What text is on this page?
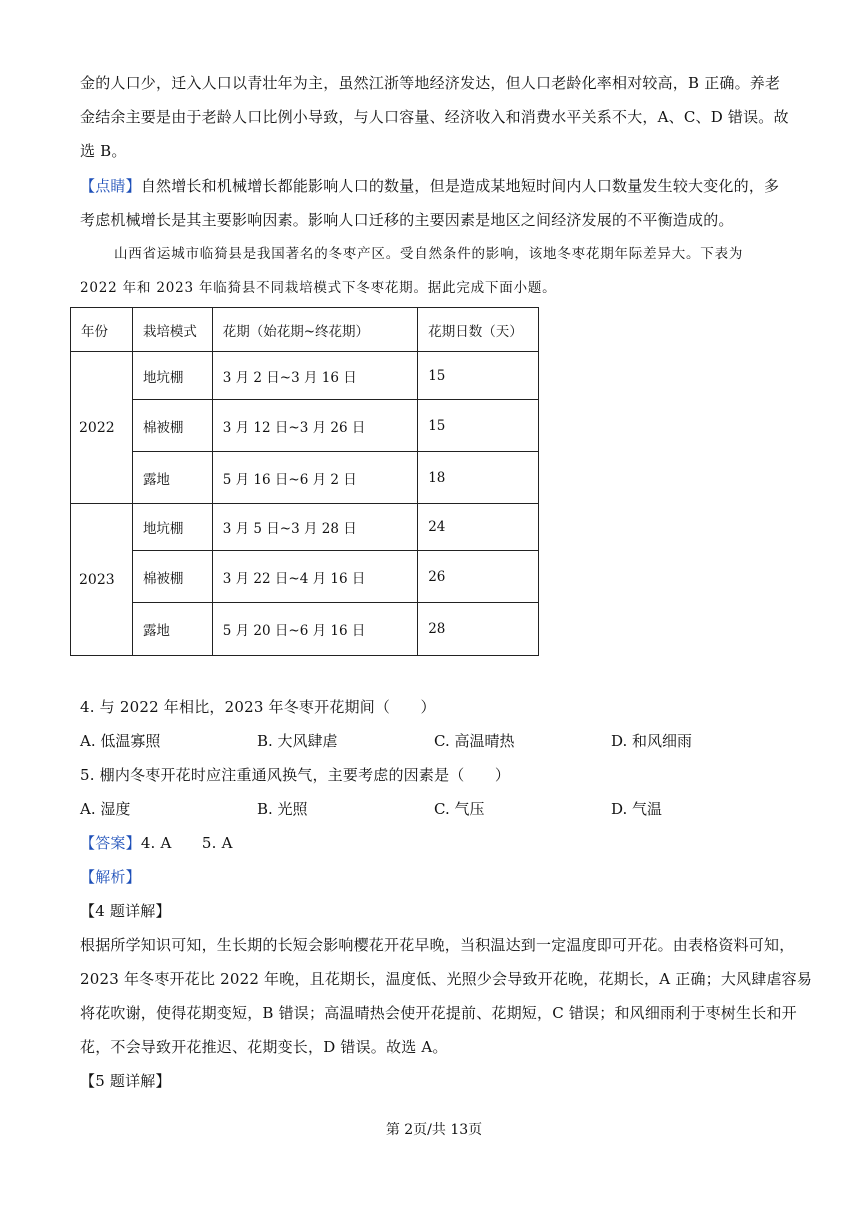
金的人口少，迁入人口以青壮年为主，虽然江浙等地经济发达，但人口老龄化率相对较高，B 正确。养老
金结余主要是由于老龄人口比例小导致，与人口容量、经济收入和消费水平关系不大，A、C、D 错误。故
选 B。
【点睛】自然增长和机械增长都能影响人口的数量，但是造成某地短时间内人口数量发生较大变化的，多
考虑机械增长是其主要影响因素。影响人口迁移的主要因素是地区之间经济发展的不平衡造成的。
山西省运城市临猗县是我国著名的冬枣产区。受自然条件的影响，该地冬枣花期年际差异大。下表为
2022 年和 2023 年临猗县不同栽培模式下冬枣花期。据此完成下面小题。
年份	栽培模式	花期（始花期~终花期）	花期日数（天）
2022	地坑棚	3 月 2 日~3 月 16 日	15
	棉被棚	3 月 12 日~3 月 26 日	15
	露地	5 月 16 日~6 月 2 日	18
2023	地坑棚	3 月 5 日~3 月 28 日	24
	棉被棚	3 月 22 日~4 月 16 日	26
	露地	5 月 20 日~6 月 16 日	28
4. 与 2022 年相比，2023 年冬枣开花期间（　　）
A. 低温寡照	B. 大风肆虐	C. 高温晴热	D. 和风细雨
5. 棚内冬枣开花时应注重通风换气，主要考虑的因素是（　　）
A. 湿度	B. 光照	C. 气压	D. 气温
【答案】4. A　　5. A
【解析】
【4 题详解】
根据所学知识可知，生长期的长短会影响樱花开花早晚，当积温达到一定温度即可开花。由表格资料可知，
2023 年冬枣开花比 2022 年晚，且花期长，温度低、光照少会导致开花晚，花期长，A 正确；大风肆虐容易
将花吹谢，使得花期变短，B 错误；高温晴热会使开花提前、花期短，C 错误；和风细雨利于枣树生长和开
花，不会导致开花推迟、花期变长，D 错误。故选 A。
【5 题详解】
第 2页/共 13页
